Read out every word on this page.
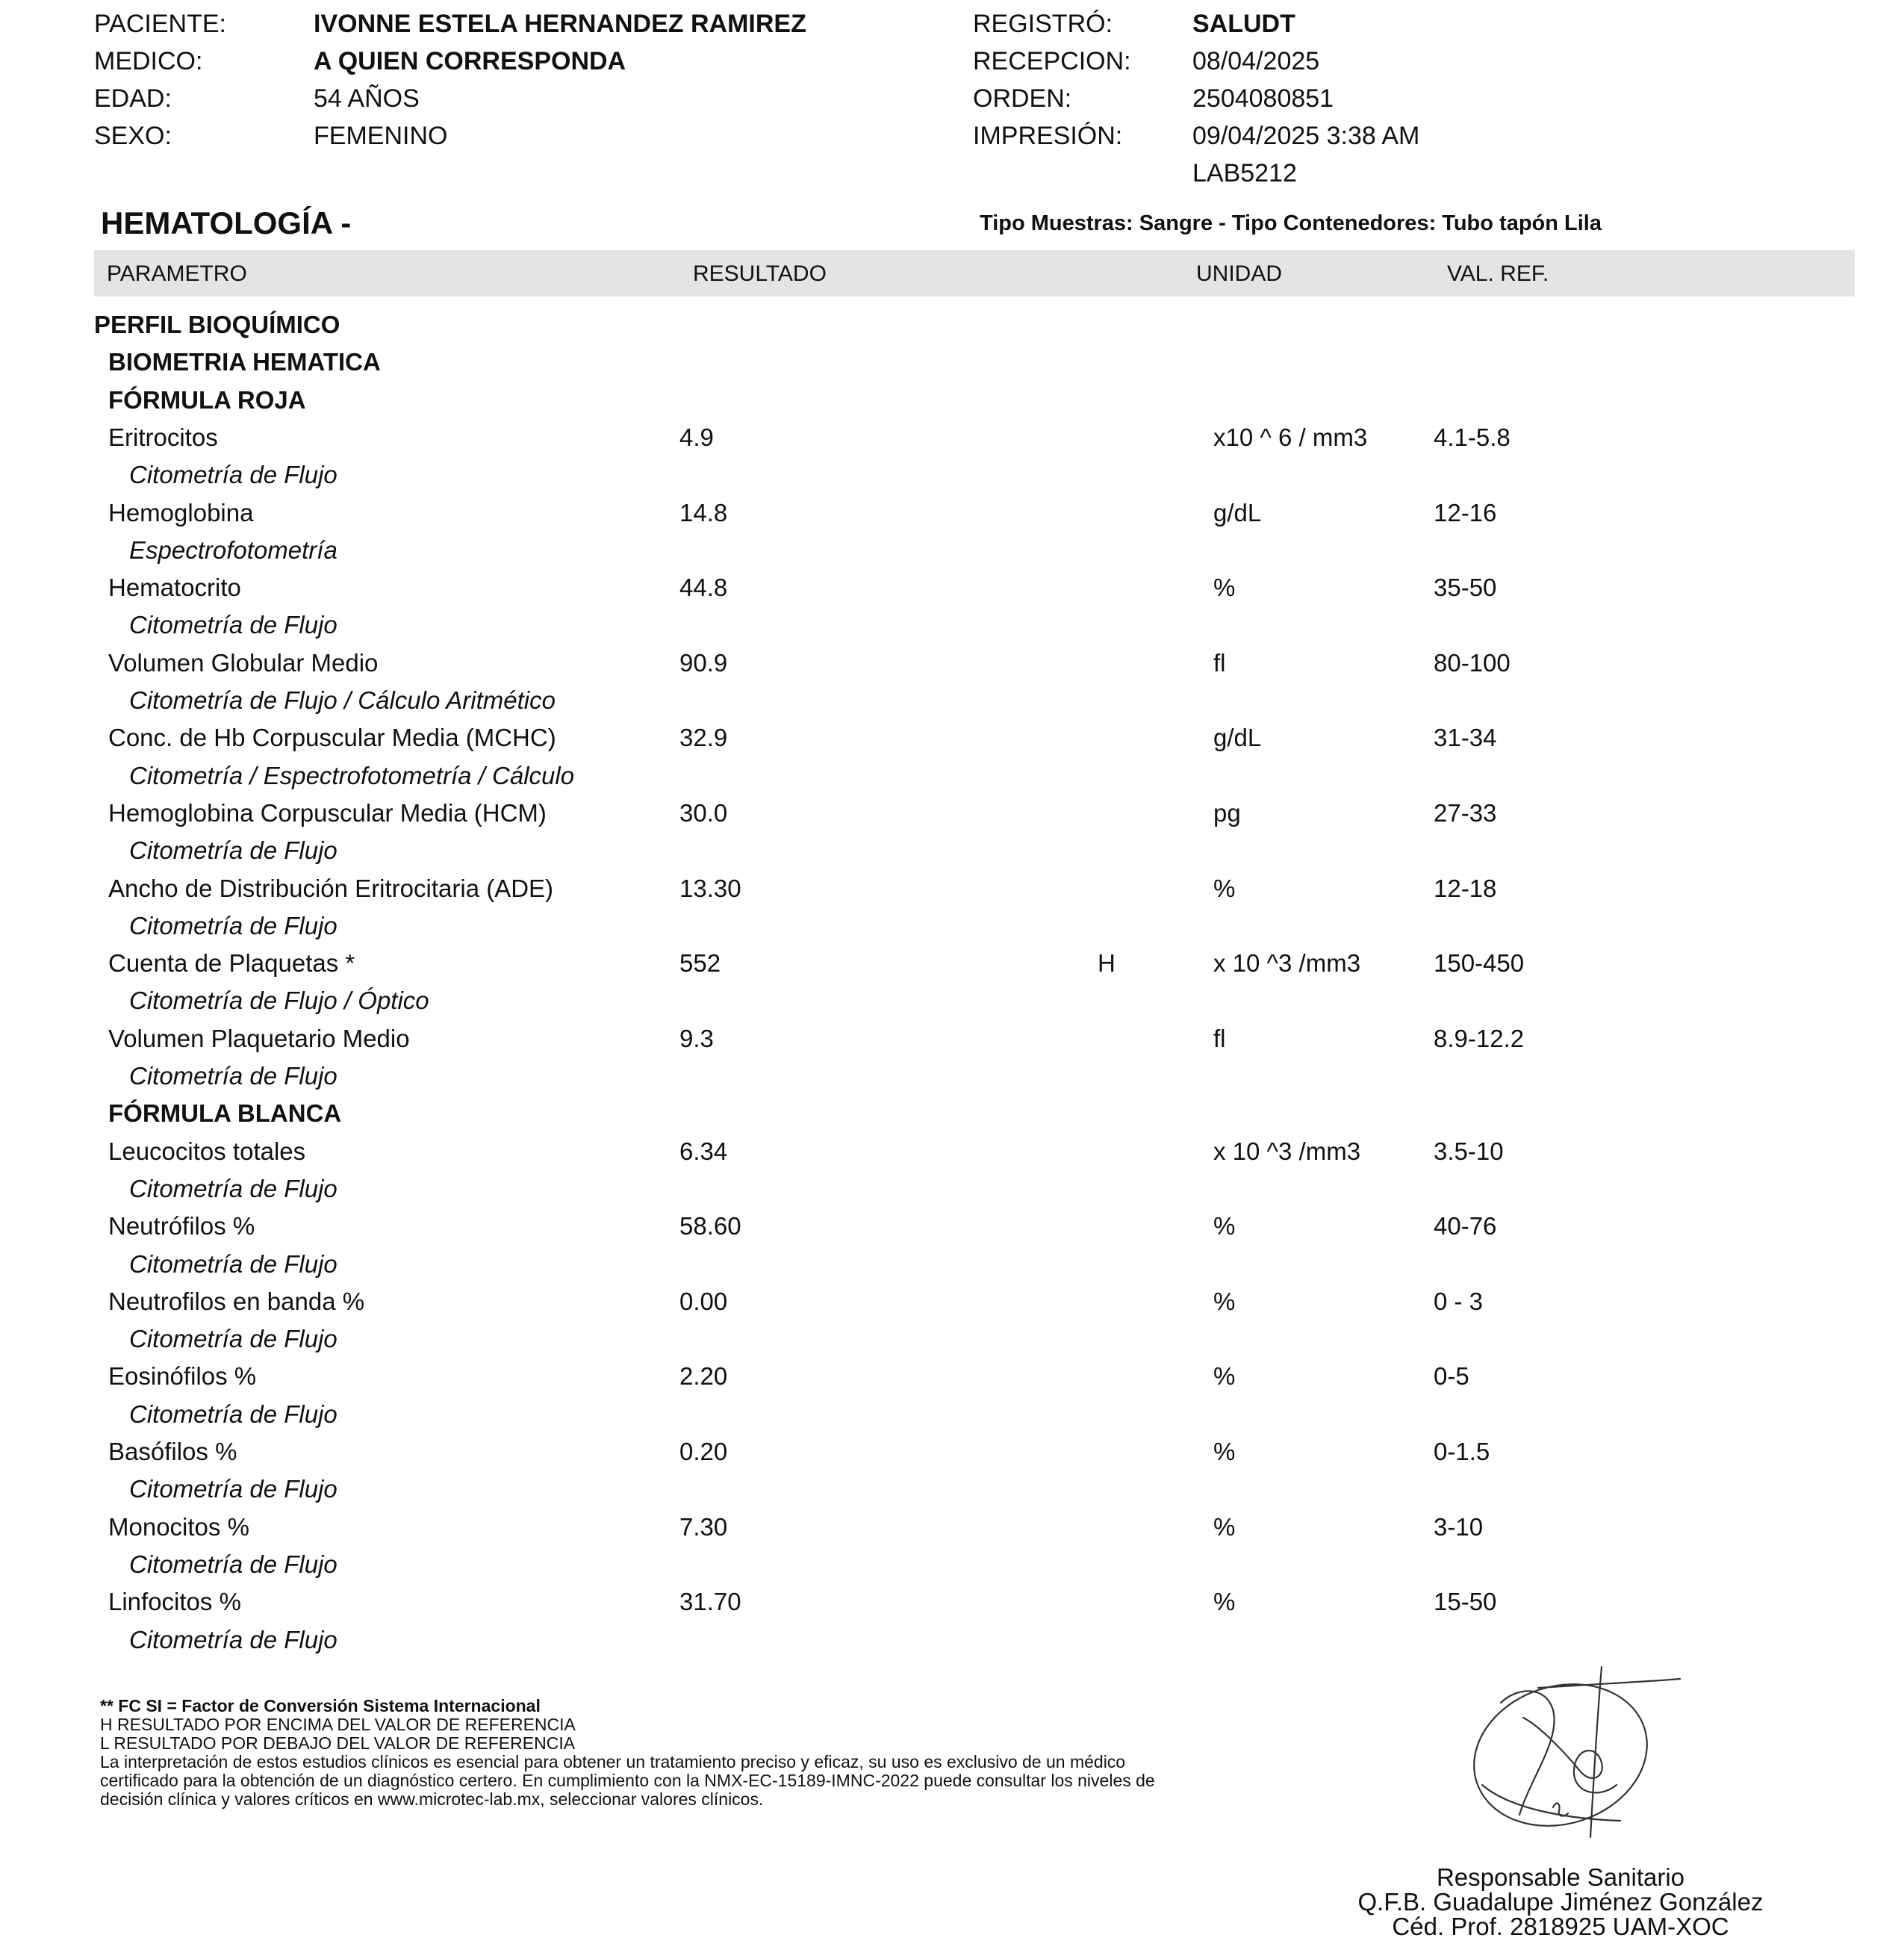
PACIENTE:	IVONNE ESTELA HERNANDEZ RAMIREZ
MEDICO:	A QUIEN CORRESPONDA
EDAD:	54 AÑOS
SEXO:	FEMENINO
REGISTRÓ:	SALUDT
RECEPCION: 08/04/2025
ORDEN:	2504080851
IMPRESIÓN:	09/04/2025 3:38 AM
LAB5212
HEMATOLOGÍA -	Tipo Muestras: Sangre - Tipo Contenedores: Tubo tapón Lila
PARAMETRO	RESULTADO	UNIDAD	VAL. REF.
PERFIL BIOQUÍMICO
BIOMETRIA HEMATICA
FÓRMULA ROJA
Eritrocitos	4.9	x10 ^ 6 / mm3	4.1-5.8
Citometría de Flujo
Hemoglobina	14.8	g/dL	12-16
Espectrofotometría
Hematocrito	44.8	%	35-50
Citometría de Flujo
Volumen Globular Medio	90.9	fl	80-100
Citometría de Flujo / Cálculo Aritmético
Conc. de Hb Corpuscular Media (MCHC)	32.9	g/dL	31-34
Citometría / Espectrofotometría / Cálculo
Hemoglobina Corpuscular Media (HCM)	30.0	pg	27-33
Citometría de Flujo
Ancho de Distribución Eritrocitaria (ADE)	13.30	%	12-18
Citometría de Flujo
Cuenta de Plaquetas *	552	H	x 10 ^3 /mm3	150-450
Citometría de Flujo / Óptico
Volumen Plaquetario Medio	9.3	fl	8.9-12.2
Citometría de Flujo
FÓRMULA BLANCA
Leucocitos totales	6.34	x 10 ^3 /mm3	3.5-10
Citometría de Flujo
Neutrófilos %	58.60	%	40-76
Citometría de Flujo
Neutrofilos en banda %	0.00	%	0 - 3
Citometría de Flujo
Eosinófilos %	2.20	%	0-5
Citometría de Flujo
Basófilos %	0.20	%	0-1.5
Citometría de Flujo
Monocitos %	7.30	%	3-10
Citometría de Flujo
Linfocitos %	31.70	%	15-50
Citometría de Flujo
** FC SI = Factor de Conversión Sistema Internacional
H RESULTADO POR ENCIMA DEL VALOR DE REFERENCIA
L RESULTADO POR DEBAJO DEL VALOR DE REFERENCIA
La interpretación de estos estudios clínicos es esencial para obtener un tratamiento preciso y eficaz, su uso es exclusivo de un médico
certificado para la obtención de un diagnóstico certero. En cumplimiento con la NMX-EC-15189-IMNC-2022 puede consultar los niveles de
decisión clínica y valores críticos en www.microtec-lab.mx, seleccionar valores clínicos.
Responsable Sanitario
Q.F.B. Guadalupe Jiménez González
Céd. Prof. 2818925 UAM-XOC
